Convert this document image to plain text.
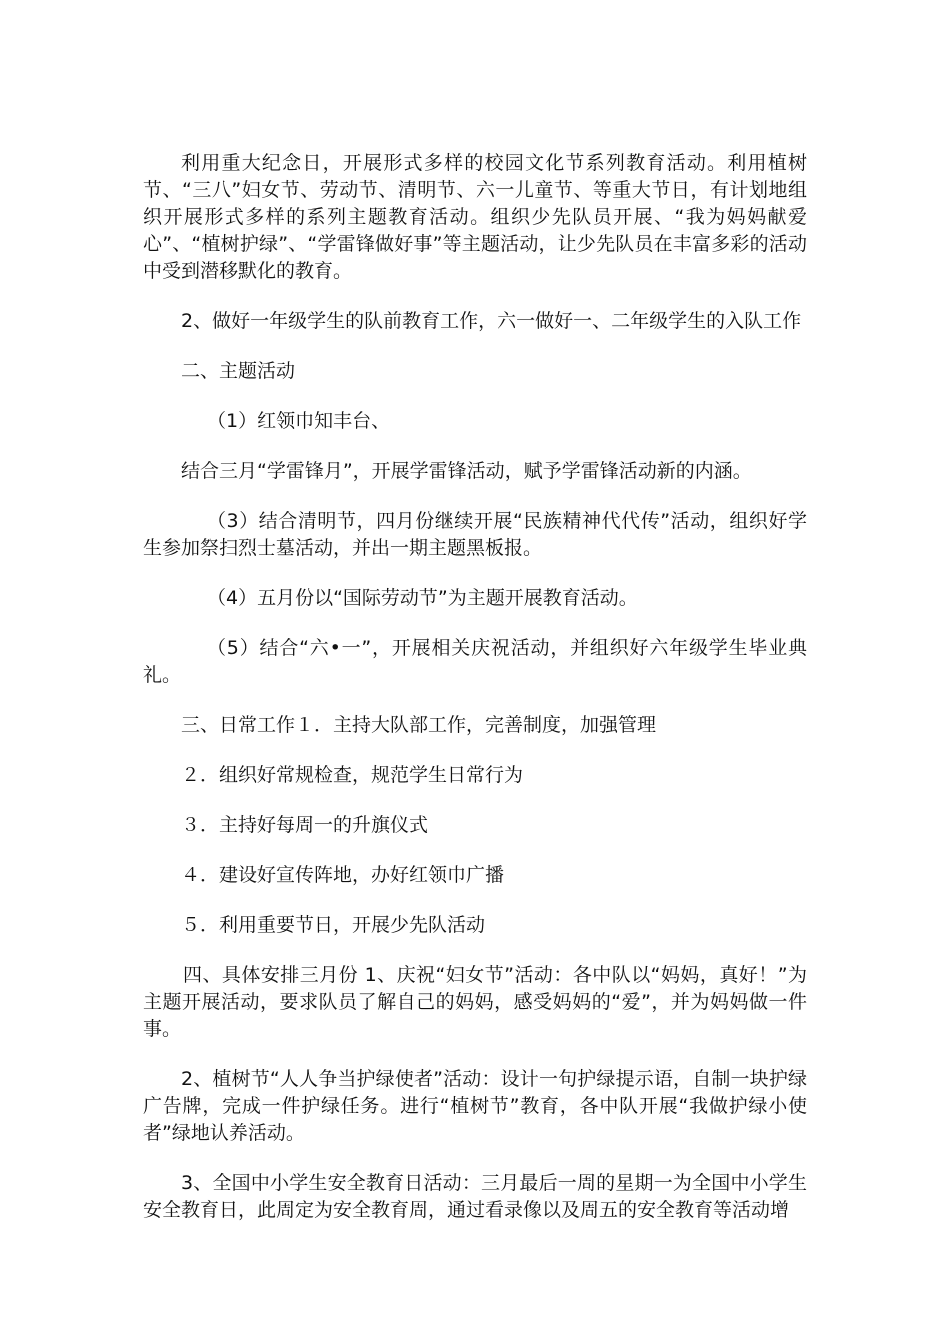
利用重大纪念日，开展形式多样的校园文化节系列教育活动。利用植树节、“三八”妇女节、劳动节、清明节、六一儿童节、等重大节日，有计划地组织开展形式多样的系列主题教育活动。组织少先队员开展、“我为妈妈献爱心”、“植树护绿”、“学雷锋做好事”等主题活动，让少先队员在丰富多彩的活动中受到潜移默化的教育。

2、做好一年级学生的队前教育工作，六一做好一、二年级学生的入队工作

二、主题活动

（1）红领巾知丰台、

结合三月“学雷锋月”，开展学雷锋活动，赋予学雷锋活动新的内涵。

（3）结合清明节，四月份继续开展“民族精神代代传”活动，组织好学生参加祭扫烈士墓活动，并出一期主题黑板报。

（4）五月份以“国际劳动节”为主题开展教育活动。

（5）结合“六•一”，开展相关庆祝活动，并组织好六年级学生毕业典礼。

三、日常工作１．主持大队部工作，完善制度，加强管理

２．组织好常规检查，规范学生日常行为

３．主持好每周一的升旗仪式

４．建设好宣传阵地，办好红领巾广播

５．利用重要节日，开展少先队活动

四、具体安排三月份 1、庆祝“妇女节”活动：各中队以“妈妈，真好！”为主题开展活动，要求队员了解自己的妈妈，感受妈妈的“爱”，并为妈妈做一件事。

2、植树节“人人争当护绿使者”活动：设计一句护绿提示语，自制一块护绿广告牌，完成一件护绿任务。进行“植树节”教育，各中队开展“我做护绿小使者”绿地认养活动。

3、全国中小学生安全教育日活动：三月最后一周的星期一为全国中小学生安全教育日，此周定为安全教育周，通过看录像以及周五的安全教育等活动增
